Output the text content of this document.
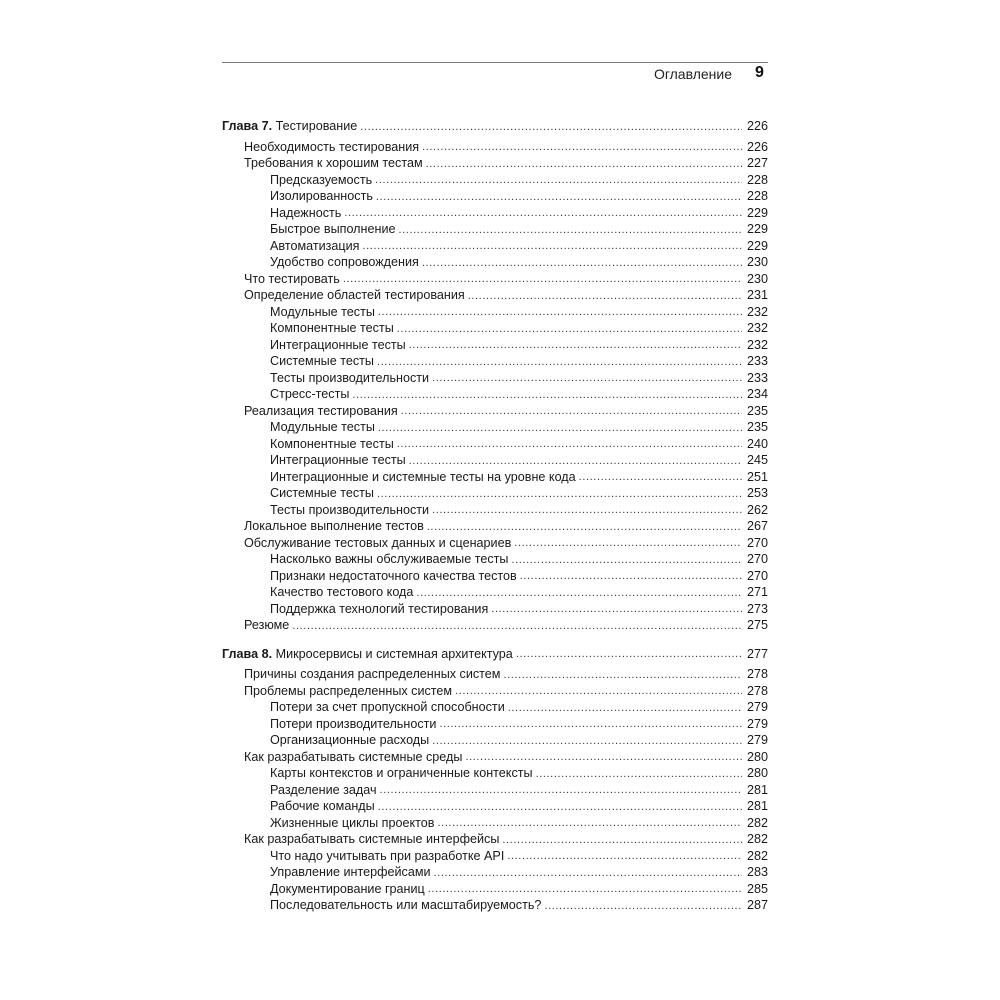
Оглавление 9
Глава 7. Тестирование .....	226
Необходимость тестирования .....	226
Требования к хорошим тестам .....	227
Предсказуемость .....	228
Изолированность .....	228
Надежность .....	229
Быстрое выполнение .....	229
Автоматизация .....	229
Удобство сопровождения .....	230
Что тестировать .....	230
Определение областей тестирования .....	231
Модульные тесты .....	232
Компонентные тесты .....	232
Интеграционные тесты .....	232
Системные тесты .....	233
Тесты производительности .....	233
Стресс-тесты .....	234
Реализация тестирования .....	235
Модульные тесты .....	235
Компонентные тесты .....	240
Интеграционные тесты .....	245
Интеграционные и системные тесты на уровне кода .....	251
Системные тесты .....	253
Тесты производительности .....	262
Локальное выполнение тестов .....	267
Обслуживание тестовых данных и сценариев .....	270
Насколько важны обслуживаемые тесты .....	270
Признаки недостаточного качества тестов .....	270
Качество тестового кода .....	271
Поддержка технологий тестирования .....	273
Резюме .....	275
Глава 8. Микросервисы и системная архитектура .....	277
Причины создания распределенных систем .....	278
Проблемы распределенных систем .....	278
Потери за счет пропускной способности .....	279
Потери производительности .....	279
Организационные расходы .....	279
Как разрабатывать системные среды .....	280
Карты контекстов и ограниченные контексты .....	280
Разделение задач .....	281
Рабочие команды .....	281
Жизненные циклы проектов .....	282
Как разрабатывать системные интерфейсы .....	282
Что надо учитывать при разработке API .....	282
Управление интерфейсами .....	283
Документирование границ .....	285
Последовательность или масштабируемость? .....	287
